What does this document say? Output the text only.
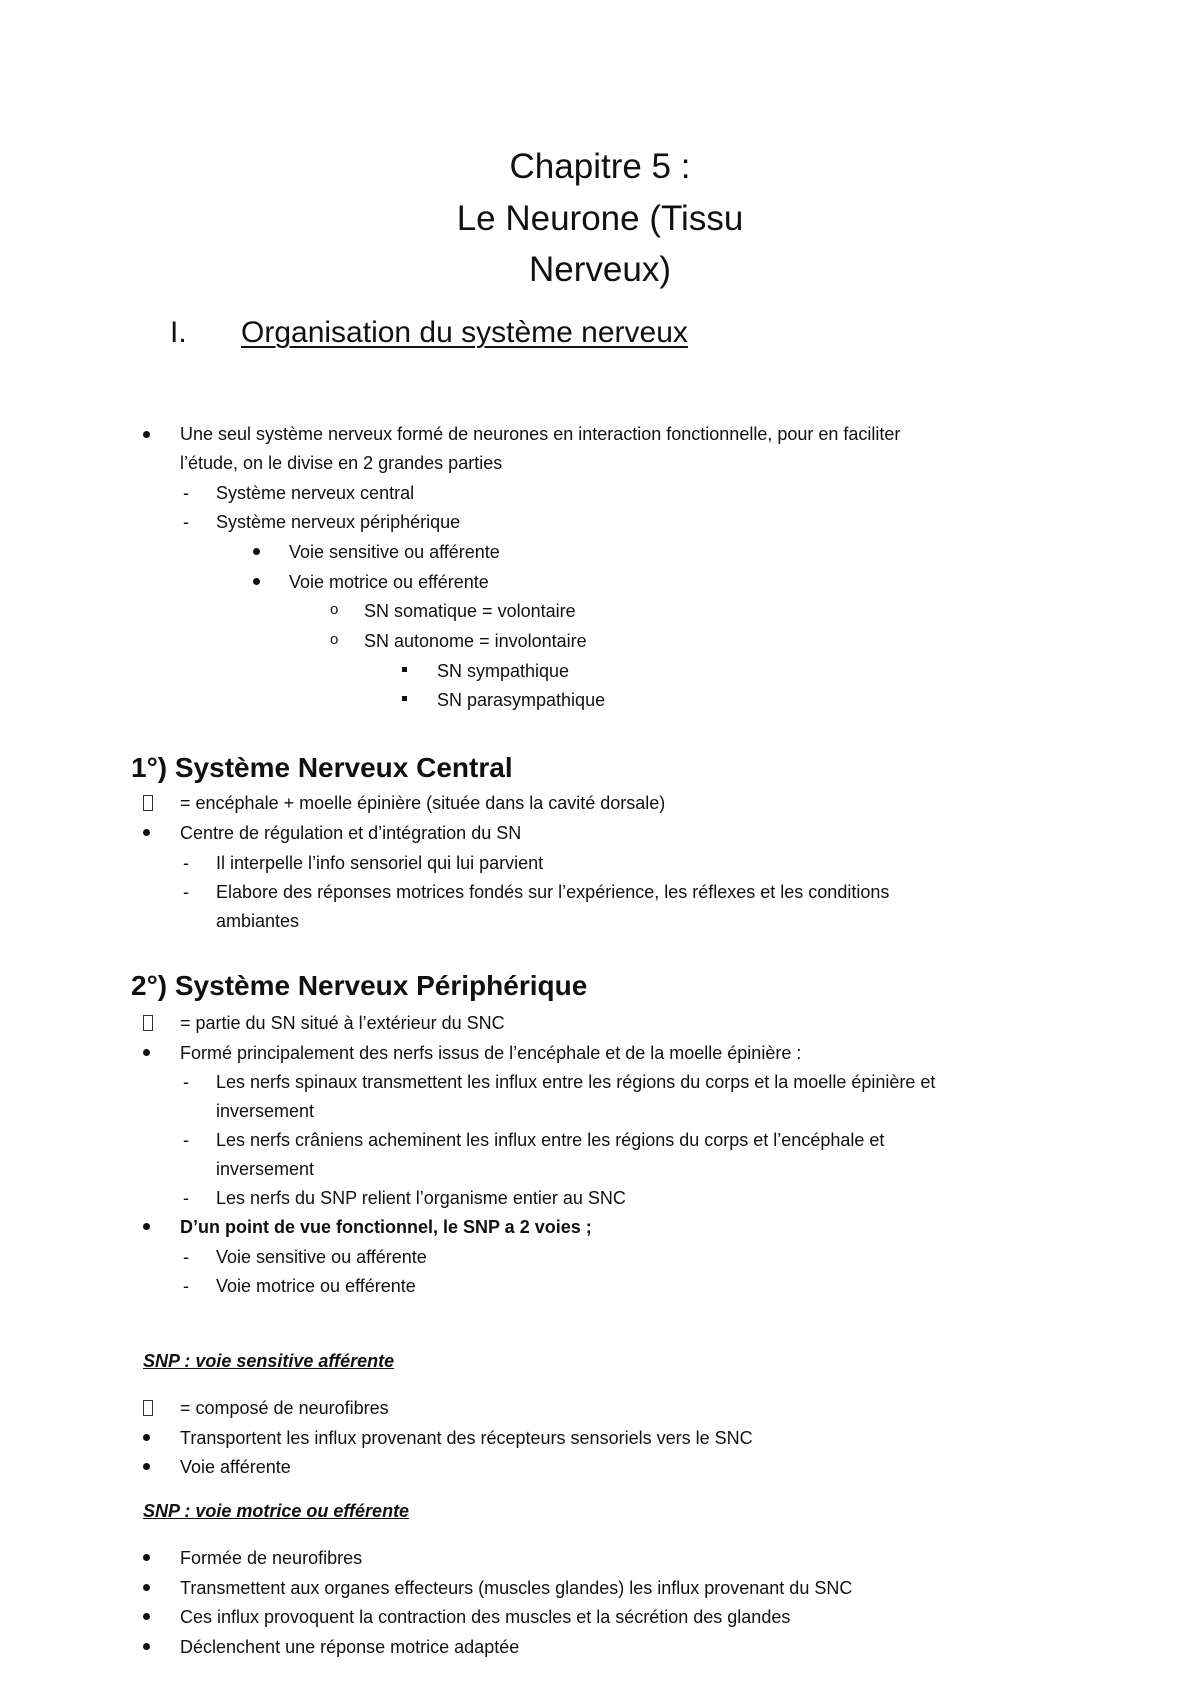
Chapitre 5 :
Le Neurone (Tissu
Nerveux)
I. Organisation du système nerveux
Une seul système nerveux formé de neurones en interaction fonctionnelle, pour en faciliter
l’étude, on le divise en 2 grandes parties
- Système nerveux central
- Système nerveux périphérique
Voie sensitive ou afférente
Voie motrice ou efférente
o SN somatique = volontaire
o SN autonome = involontaire
SN sympathique
SN parasympathique
1°) Système Nerveux Central
= encéphale + moelle épinière (située dans la cavité dorsale)
Centre de régulation et d’intégration du SN
- Il interpelle l’info sensoriel qui lui parvient
- Elabore des réponses motrices fondés sur l’expérience, les réflexes et les conditions
ambiantes
2°) Système Nerveux Périphérique
= partie du SN situé à l’extérieur du SNC
Formé principalement des nerfs issus de l’encéphale et de la moelle épinière :
- Les nerfs spinaux transmettent les influx entre les régions du corps et la moelle épinière et
inversement
- Les nerfs crâniens acheminent les influx entre les régions du corps et l’encéphale et
inversement
- Les nerfs du SNP relient l’organisme entier au SNC
D’un point de vue fonctionnel, le SNP a 2 voies ;
- Voie sensitive ou afférente
- Voie motrice ou efférente
SNP : voie sensitive afférente
= composé de neurofibres
Transportent les influx provenant des récepteurs sensoriels vers le SNC
Voie afférente
SNP : voie motrice ou efférente
Formée de neurofibres
Transmettent aux organes effecteurs (muscles glandes) les influx provenant du SNC
Ces influx provoquent la contraction des muscles et la sécrétion des glandes
Déclenchent une réponse motrice adaptée
